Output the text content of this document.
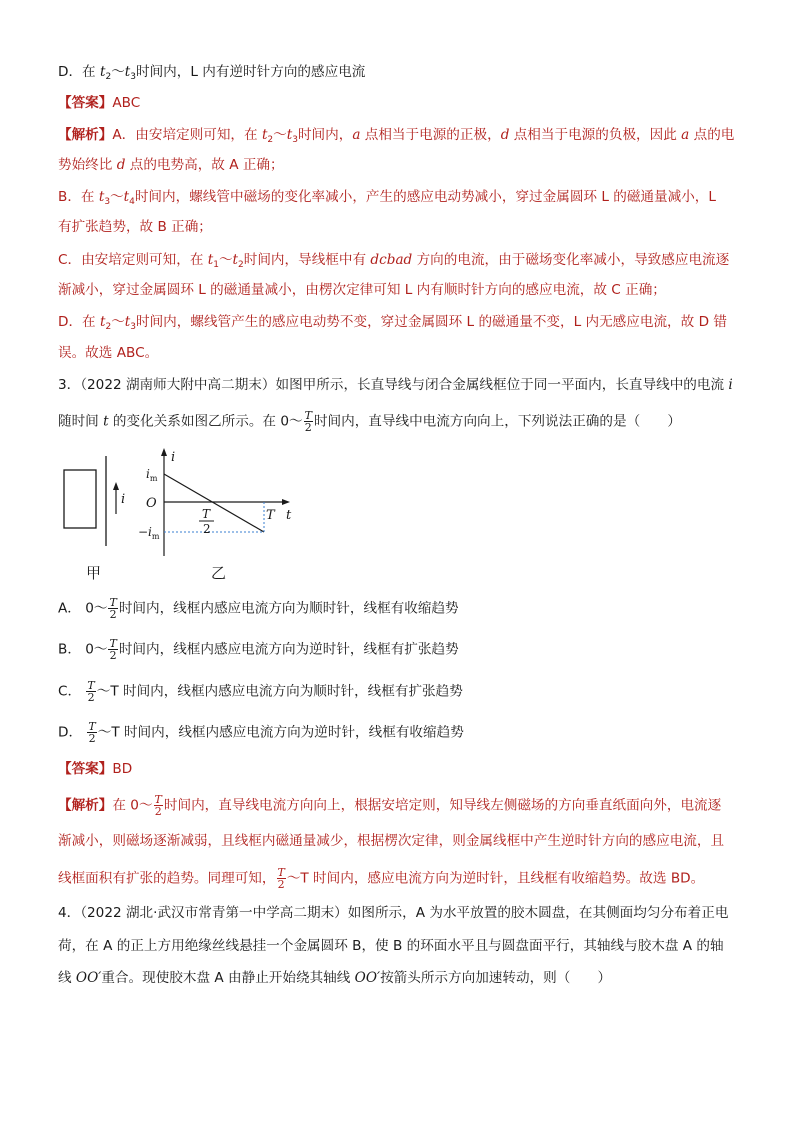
D．在 $t_2\sim t_3$时间内，L 内有逆时针方向的感应电流
【答案】ABC
【解析】A．由安培定则可知，在 $t_2\sim t_3$时间内，a 点相当于电源的正极，d 点相当于电源的负极，因此 a 点的电
势始终比 d 点的电势高，故 A 正确；
B．在 $t_3\sim t_4$时间内，螺线管中磁场的变化率减小，产生的感应电动势减小，穿过金属圆环 L 的磁通量减小，L
有扩张趋势，故 B 正确；
C．由安培定则可知，在 $t_1\sim t_2$时间内，导线框中有 dcbad 方向的电流，由于磁场变化率减小，导致感应电流逐
渐减小，穿过金属圆环 L 的磁通量减小，由楞次定律可知 L 内有顺时针方向的感应电流，故 C 正确；
D．在 $t_2\sim t_3$时间内，螺线管产生的感应电动势不变，穿过金属圆环 L 的磁通量不变，L 内无感应电流，故 D 错
误。故选 ABC。
3．（2022 湖南师大附中高二期末）如图甲所示，长直导线与闭合金属线框位于同一平面内，长直导线中的电流 i
随时间 t 的变化关系如图乙所示。在 0～ $\frac{T}{2}$ 时间内，直导线中电流方向向上，下列说法正确的是（　　）
A． 0～ $\frac{T}{2}$ 时间内，线框内感应电流方向为顺时针，线框有收缩趋势
B． 0～ $\frac{T}{2}$ 时间内，线框内感应电流方向为逆时针，线框有扩张趋势
C． $\frac{T}{2}$ ～T 时间内，线框内感应电流方向为顺时针，线框有扩张趋势
D． $\frac{T}{2}$ ～T 时间内，线框内感应电流方向为逆时针，线框有收缩趋势
【答案】BD
【解析】在 0～ $\frac{T}{2}$ 时间内，直导线电流方向向上，根据安培定则，知导线左侧磁场的方向垂直纸面向外，电流逐
渐减小，则磁场逐渐减弱，且线框内磁通量减少，根据楞次定律，则金属线框中产生逆时针方向的感应电流，且
线框面积有扩张的趋势。同理可知， $\frac{T}{2}$ ～T 时间内，感应电流方向为逆时针，且线框有收缩趋势。故选 BD。
4．（2022 湖北·武汉市常青第一中学高二期末）如图所示，A 为水平放置的胶木圆盘，在其侧面均匀分布着正电
荷，在 A 的正上方用绝缘丝线悬挂一个金属圆环 B，使 B 的环面水平且与圆盘面平行，其轴线与胶木盘 A 的轴
线 OO′重合。现使胶木盘 A 由静止开始绕其轴线 OO′按箭头所示方向加速转动，则（　　）
i
甲
i
t
O
$i_m$
$-i_m$
T
T
2
乙
